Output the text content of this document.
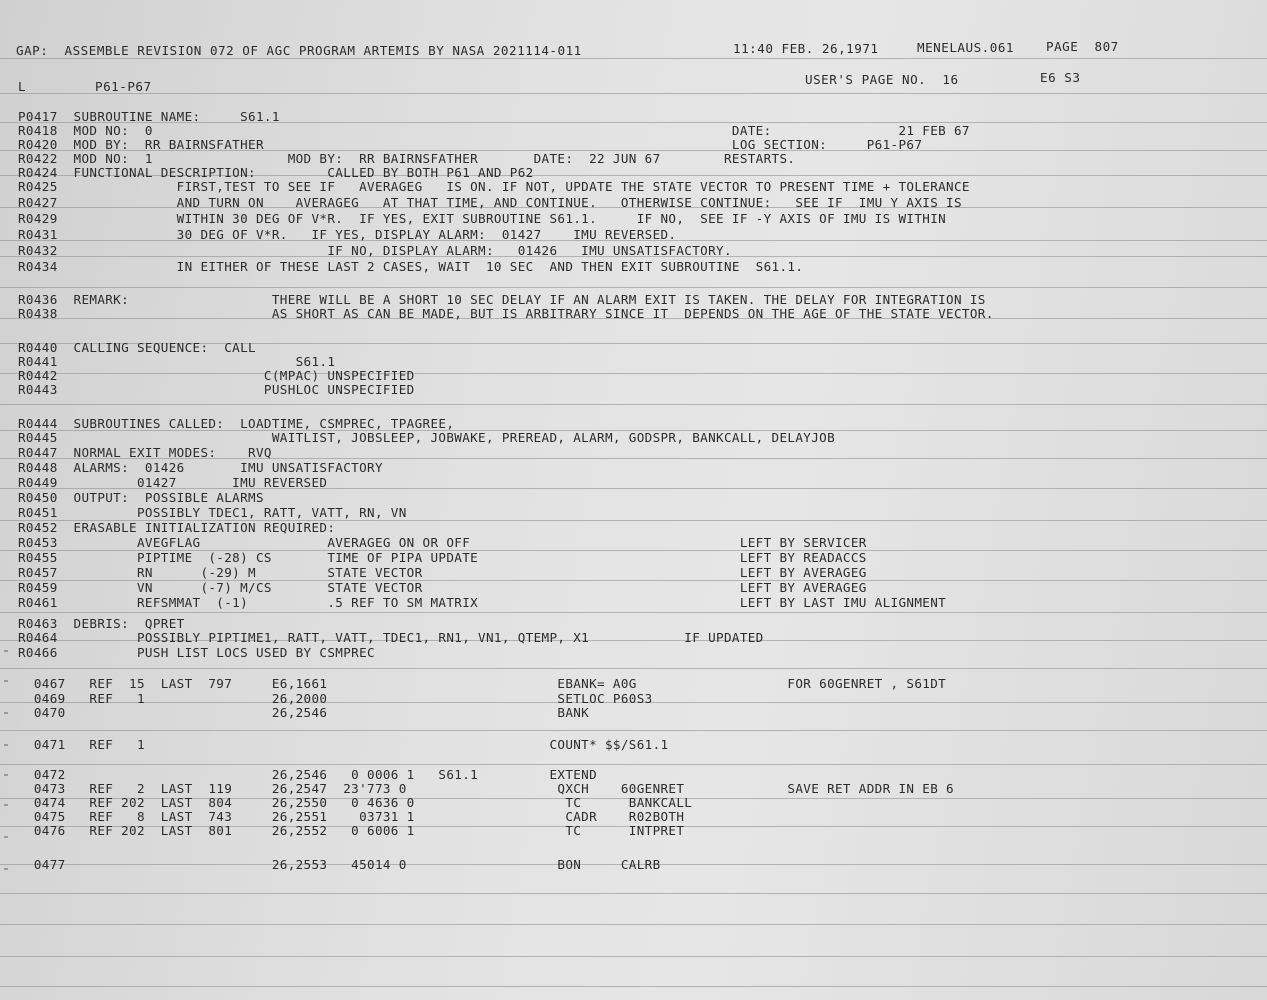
GAP:  ASSEMBLE REVISION 072 OF AGC PROGRAM ARTEMIS BY NASA 2021114-011	11:40 FEB. 26,1971	MENELAUS.061	PAGE  807
L	P61-P67	USER'S PAGE NO.  16	E6 S3
P0417  SUBROUTINE NAME:     S61.1
R0418  MOD NO:  0                                                                         DATE:                21 FEB 67
R0420  MOD BY:  RR BAIRNSFATHER                                                           LOG SECTION:     P61-P67
R0422  MOD NO:  1                 MOD BY:  RR BAIRNSFATHER       DATE:  22 JUN 67        RESTARTS.
R0424  FUNCTIONAL DESCRIPTION:         CALLED BY BOTH P61 AND P62
R0425               FIRST,TEST TO SEE IF   AVERAGEG   IS ON. IF NOT, UPDATE THE STATE VECTOR TO PRESENT TIME + TOLERANCE
R0427               AND TURN ON    AVERAGEG   AT THAT TIME, AND CONTINUE.   OTHERWISE CONTINUE:   SEE IF  IMU Y AXIS IS
R0429               WITHIN 30 DEG OF V*R.  IF YES, EXIT SUBROUTINE S61.1.     IF NO,  SEE IF -Y AXIS OF IMU IS WITHIN
R0431               30 DEG OF V*R.   IF YES, DISPLAY ALARM:  01427    IMU REVERSED.
R0432                                  IF NO, DISPLAY ALARM:   01426   IMU UNSATISFACTORY.
R0434               IN EITHER OF THESE LAST 2 CASES, WAIT  10 SEC  AND THEN EXIT SUBROUTINE  S61.1.
R0436  REMARK:                  THERE WILL BE A SHORT 10 SEC DELAY IF AN ALARM EXIT IS TAKEN. THE DELAY FOR INTEGRATION IS
R0438                           AS SHORT AS CAN BE MADE, BUT IS ARBITRARY SINCE IT  DEPENDS ON THE AGE OF THE STATE VECTOR.
R0440  CALLING SEQUENCE:  CALL
R0441                              S61.1
R0442                          C(MPAC) UNSPECIFIED
R0443                          PUSHLOC UNSPECIFIED
R0444  SUBROUTINES CALLED:  LOADTIME, CSMPREC, TPAGREE,
R0445                           WAITLIST, JOBSLEEP, JOBWAKE, PREREAD, ALARM, GODSPR, BANKCALL, DELAYJOB
R0447  NORMAL EXIT MODES:    RVQ
R0448  ALARMS:  01426       IMU UNSATISFACTORY
R0449          01427       IMU REVERSED
R0450  OUTPUT:  POSSIBLE ALARMS
R0451          POSSIBLY TDEC1, RATT, VATT, RN, VN
R0452  ERASABLE INITIALIZATION REQUIRED:
R0453          AVEGFLAG                AVERAGEG ON OR OFF                                  LEFT BY SERVICER
R0455          PIPTIME  (-28) CS       TIME OF PIPA UPDATE                                 LEFT BY READACCS
R0457          RN      (-29) M         STATE VECTOR                                        LEFT BY AVERAGEG
R0459          VN      (-7) M/CS       STATE VECTOR                                        LEFT BY AVERAGEG
R0461          REFSMMAT  (-1)          .5 REF TO SM MATRIX                                 LEFT BY LAST IMU ALIGNMENT
R0463  DEBRIS:  QPRET
R0464          POSSIBLY PIPTIME1, RATT, VATT, TDEC1, RN1, VN1, QTEMP, X1            IF UPDATED
R0466          PUSH LIST LOCS USED BY CSMPREC
0467   REF  15  LAST  797     E6,1661                             EBANK= A0G                   FOR 60GENRET , S61DT
0469   REF   1                26,2000                             SETLOC P60S3
0470                          26,2546                             BANK
0471   REF   1                                                   COUNT* $$/S61.1
0472                          26,2546   0 0006 1   S61.1         EXTEND
0473   REF   2  LAST  119     26,2547  23'773 0                   QXCH    60GENRET             SAVE RET ADDR IN EB 6
0474   REF 202  LAST  804     26,2550   0 4636 0                   TC      BANKCALL
0475   REF   8  LAST  743     26,2551    03731 1                   CADR    R02BOTH
0476   REF 202  LAST  801     26,2552   0 6006 1                   TC      INTPRET
0477                          26,2553   45014 0                   BON     CALRB
